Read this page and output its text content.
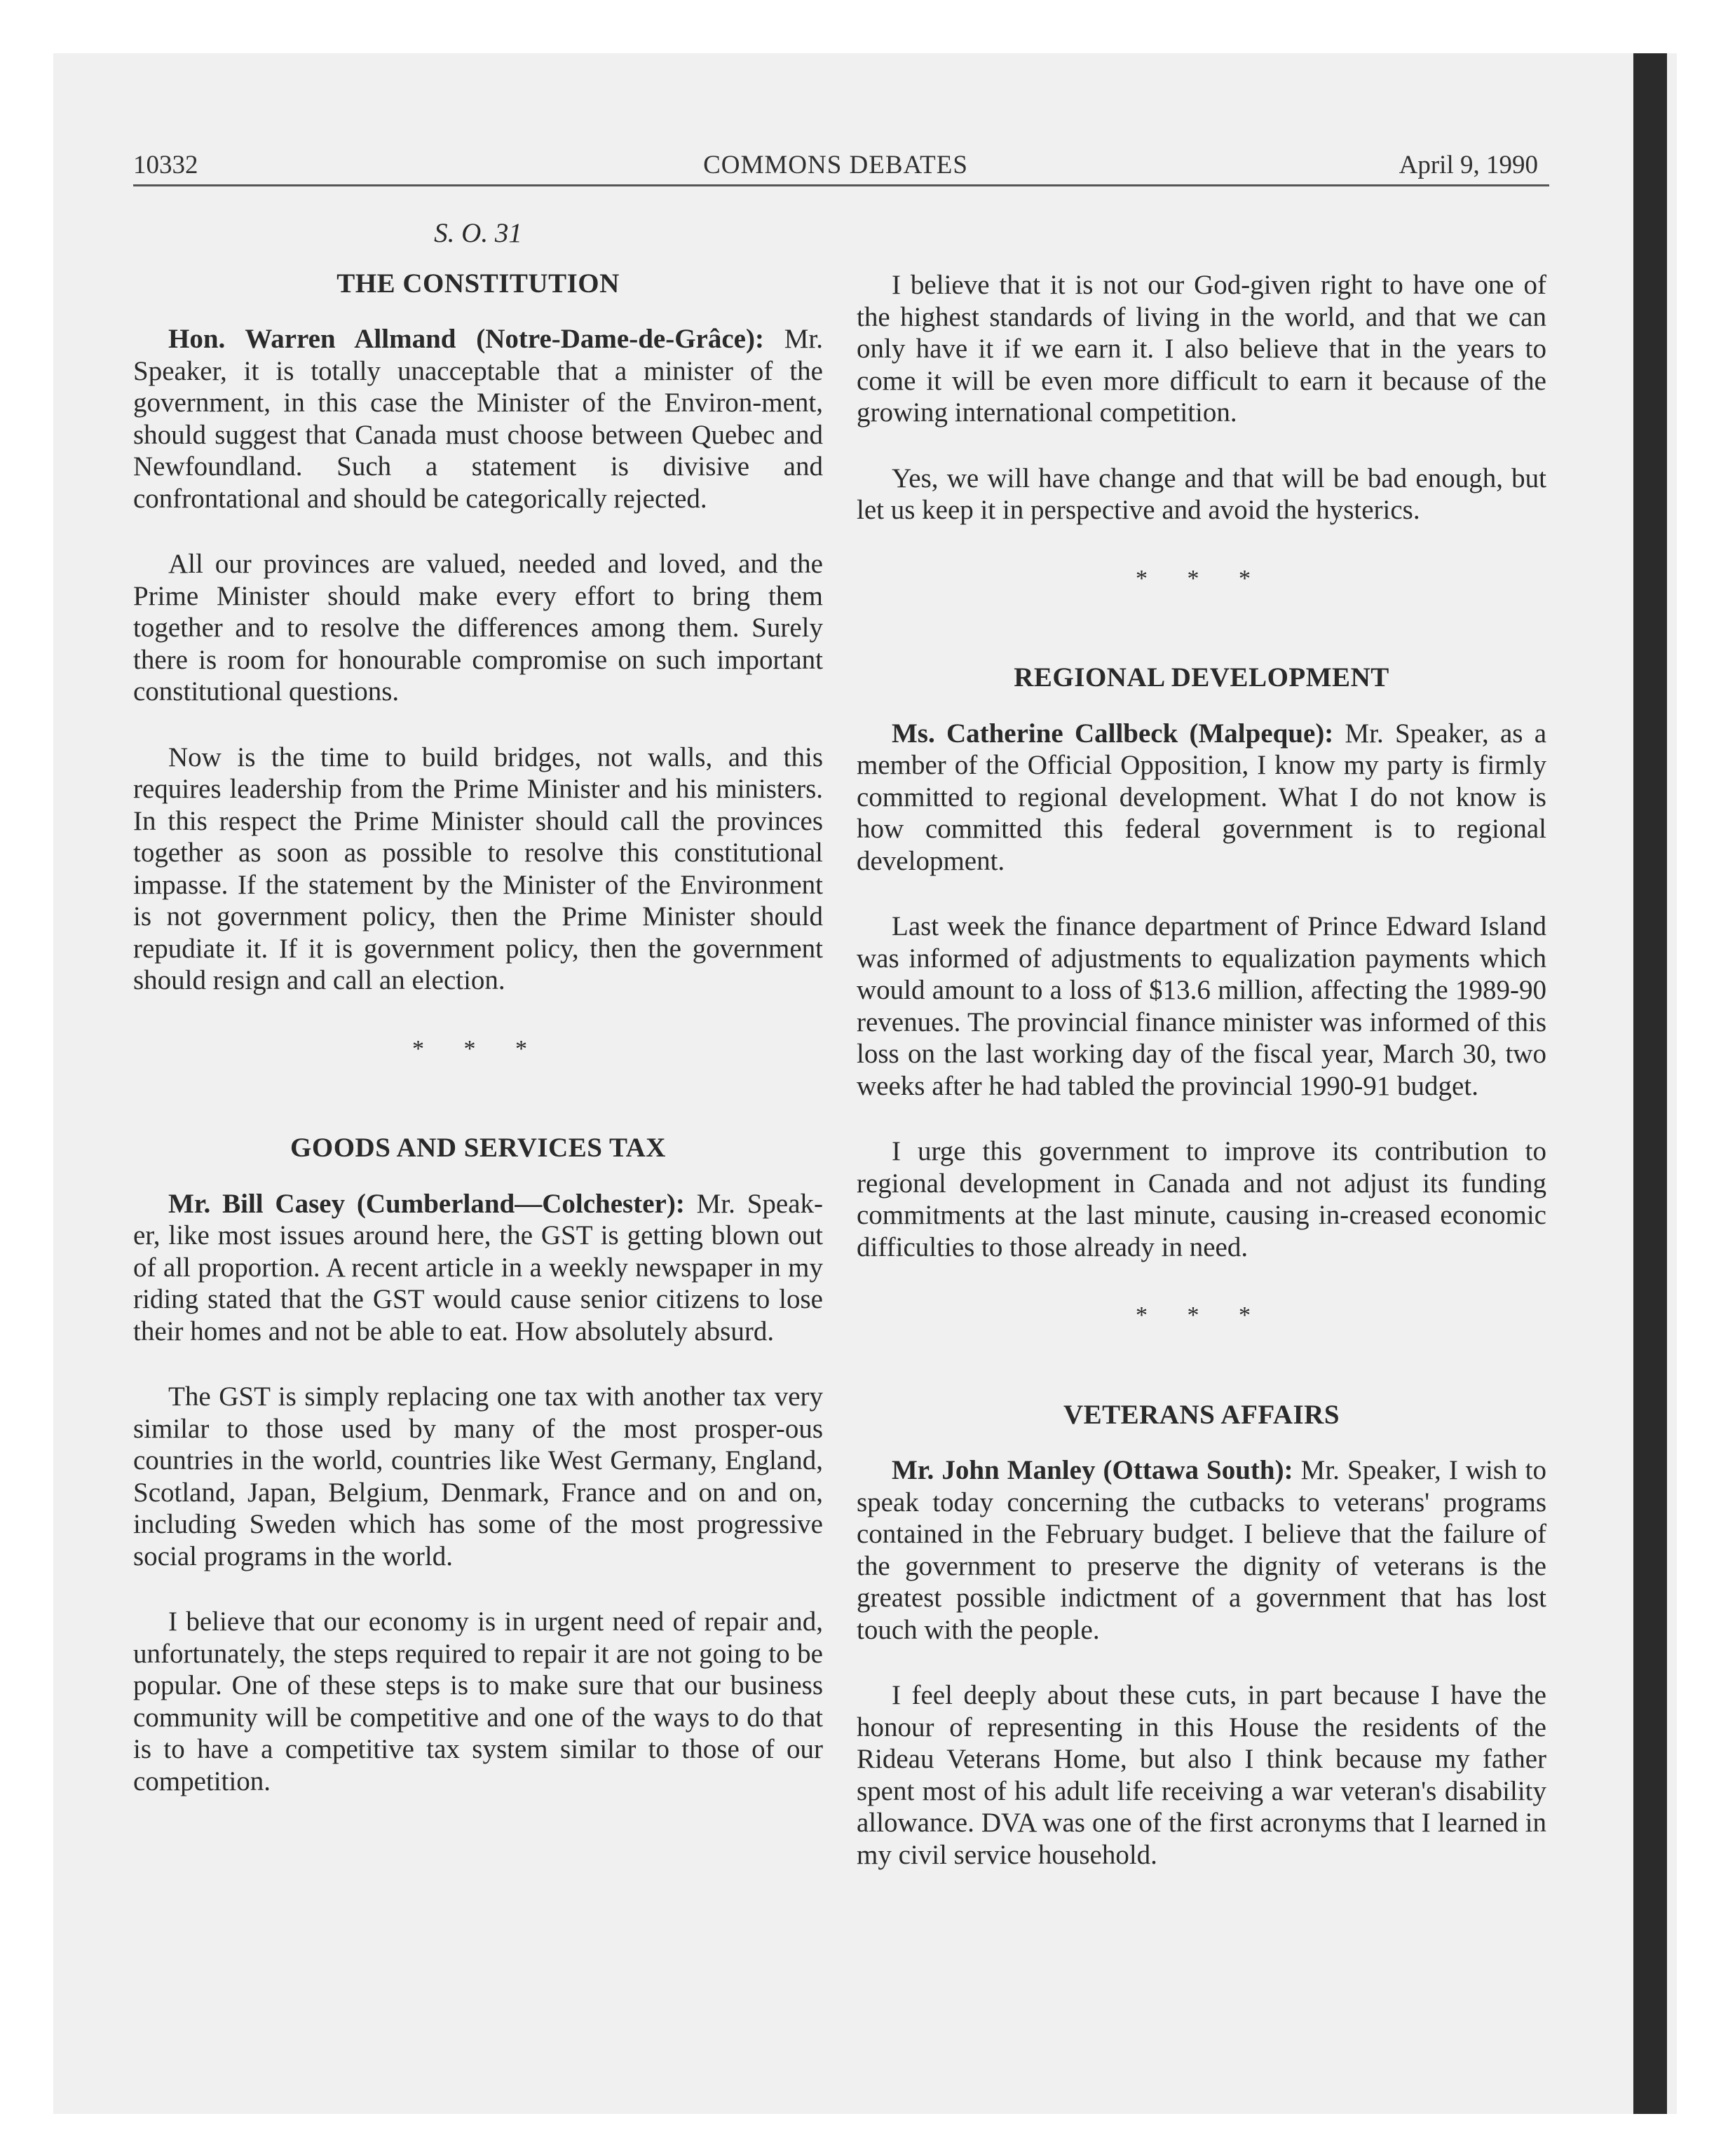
10332	COMMONS DEBATES	April 9, 1990

S. O. 31

THE CONSTITUTION

Hon. Warren Allmand (Notre-Dame-de-Grâce): Mr. Speaker, it is totally unacceptable that a minister of the government, in this case the Minister of the Environ-ment, should suggest that Canada must choose between Quebec and Newfoundland. Such a statement is divisive and confrontational and should be categorically rejected.

All our provinces are valued, needed and loved, and the Prime Minister should make every effort to bring them together and to resolve the differences among them. Surely there is room for honourable compromise on such important constitutional questions.

Now is the time to build bridges, not walls, and this requires leadership from the Prime Minister and his ministers. In this respect the Prime Minister should call the provinces together as soon as possible to resolve this constitutional impasse. If the statement by the Minister of the Environment is not government policy, then the Prime Minister should repudiate it. If it is government policy, then the government should resign and call an election.

* * *
GOODS AND SERVICES TAX

Mr. Bill Casey (Cumberland—Colchester): Mr. Speak-er, like most issues around here, the GST is getting blown out of all proportion. A recent article in a weekly newspaper in my riding stated that the GST would cause senior citizens to lose their homes and not be able to eat. How absolutely absurd.

The GST is simply replacing one tax with another tax very similar to those used by many of the most prosper-ous countries in the world, countries like West Germany, England, Scotland, Japan, Belgium, Denmark, France and on and on, including Sweden which has some of the most progressive social programs in the world.

I believe that our economy is in urgent need of repair and, unfortunately, the steps required to repair it are not going to be popular. One of these steps is to make sure that our business community will be competitive and one of the ways to do that is to have a competitive tax system similar to those of our competition.

I believe that it is not our God-given right to have one of the highest standards of living in the world, and that we can only have it if we earn it. I also believe that in the years to come it will be even more difficult to earn it because of the growing international competition.

Yes, we will have change and that will be bad enough, but let us keep it in perspective and avoid the hysterics.

* * *
REGIONAL DEVELOPMENT

Ms. Catherine Callbeck (Malpeque): Mr. Speaker, as a member of the Official Opposition, I know my party is firmly committed to regional development. What I do not know is how committed this federal government is to regional development.

Last week the finance department of Prince Edward Island was informed of adjustments to equalization payments which would amount to a loss of $13.6 million, affecting the 1989-90 revenues. The provincial finance minister was informed of this loss on the last working day of the fiscal year, March 30, two weeks after he had tabled the provincial 1990-91 budget.

I urge this government to improve its contribution to regional development in Canada and not adjust its funding commitments at the last minute, causing in-creased economic difficulties to those already in need.

* * *
VETERANS AFFAIRS

Mr. John Manley (Ottawa South): Mr. Speaker, I wish to speak today concerning the cutbacks to veterans' programs contained in the February budget. I believe that the failure of the government to preserve the dignity of veterans is the greatest possible indictment of a government that has lost touch with the people.

I feel deeply about these cuts, in part because I have the honour of representing in this House the residents of the Rideau Veterans Home, but also I think because my father spent most of his adult life receiving a war veteran's disability allowance. DVA was one of the first acronyms that I learned in my civil service household.
